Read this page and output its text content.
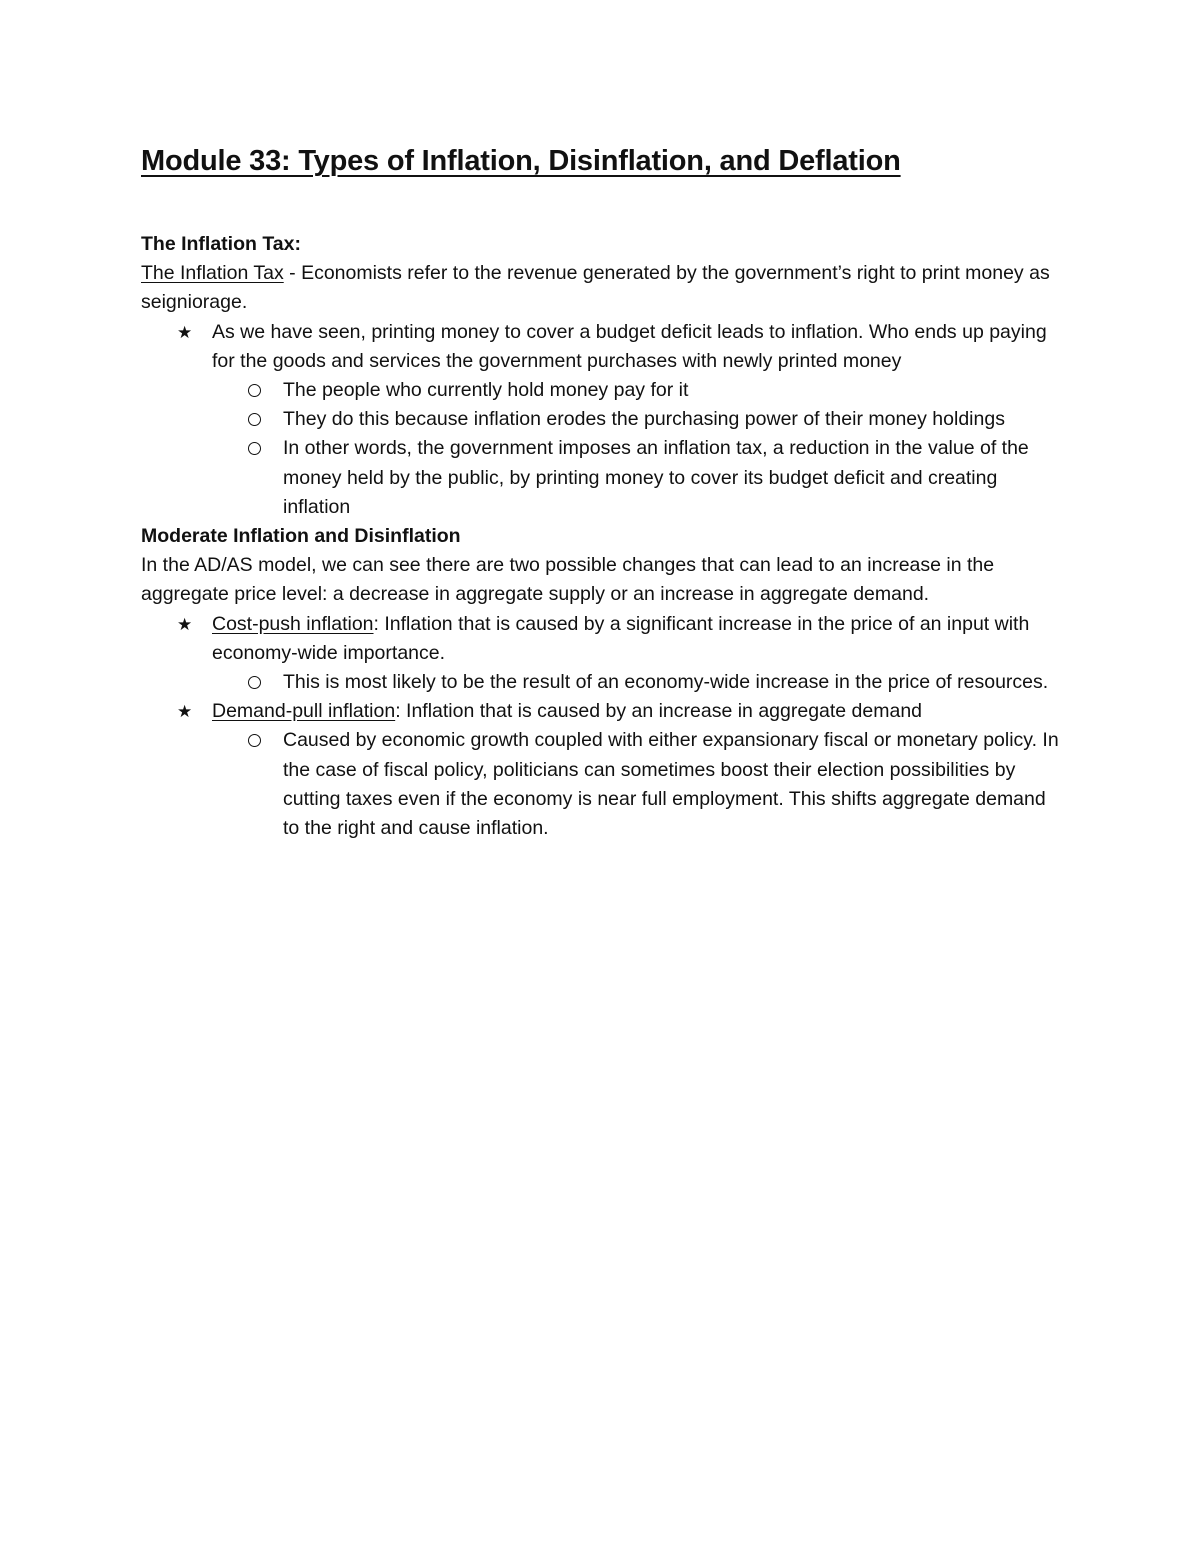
Module 33: Types of Inflation, Disinflation, and Deflation

The Inflation Tax:

The Inflation Tax - Economists refer to the revenue generated by the government’s right to print money as seigniorage.

★ As we have seen, printing money to cover a budget deficit leads to inflation. Who ends up paying for the goods and services the government purchases with newly printed money
The people who currently hold money pay for it
They do this because inflation erodes the purchasing power of their money holdings
In other words, the government imposes an inflation tax, a reduction in the value of the money held by the public, by printing money to cover its budget deficit and creating inflation

Moderate Inflation and Disinflation

In the AD/AS model, we can see there are two possible changes that can lead to an increase in the aggregate price level: a decrease in aggregate supply or an increase in aggregate demand.

★ Cost-push inflation: Inflation that is caused by a significant increase in the price of an input with economy-wide importance.
This is most likely to be the result of an economy-wide increase in the price of resources.
★ Demand-pull inflation: Inflation that is caused by an increase in aggregate demand
Caused by economic growth coupled with either expansionary fiscal or monetary policy. In the case of fiscal policy, politicians can sometimes boost their election possibilities by cutting taxes even if the economy is near full employment. This shifts aggregate demand to the right and cause inflation.
